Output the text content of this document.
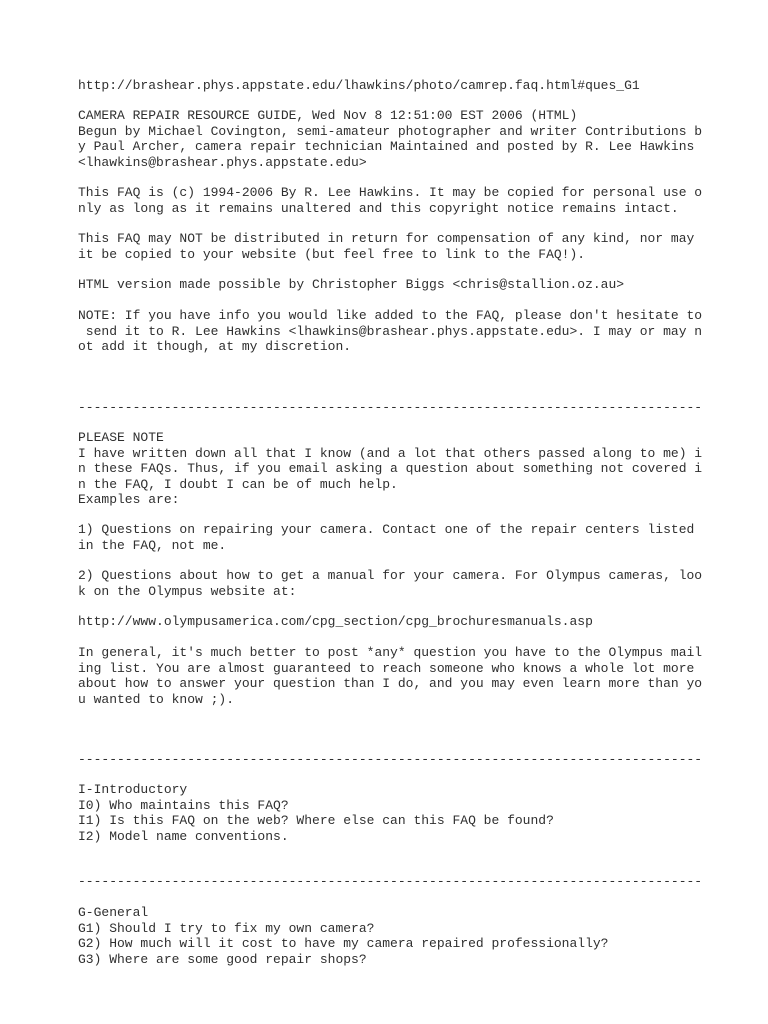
http://brashear.phys.appstate.edu/lhawkins/photo/camrep.faq.html#ques_G1
CAMERA REPAIR RESOURCE GUIDE, Wed Nov 8 12:51:00 EST 2006 (HTML)
Begun by Michael Covington, semi-amateur photographer and writer Contributions b
y Paul Archer, camera repair technician Maintained and posted by R. Lee Hawkins
<lhawkins@brashear.phys.appstate.edu>
This FAQ is (c) 1994-2006 By R. Lee Hawkins. It may be copied for personal use o
nly as long as it remains unaltered and this copyright notice remains intact.
This FAQ may NOT be distributed in return for compensation of any kind, nor may
it be copied to your website (but feel free to link to the FAQ!).
HTML version made possible by Christopher Biggs <chris@stallion.oz.au>
NOTE: If you have info you would like added to the FAQ, please don't hesitate to
send it to R. Lee Hawkins <lhawkins@brashear.phys.appstate.edu>. I may or may n
ot add it though, at my discretion.
--------------------------------------------------------------------------------
PLEASE NOTE
I have written down all that I know (and a lot that others passed along to me) i
n these FAQs. Thus, if you email asking a question about something not covered i
n the FAQ, I doubt I can be of much help.
Examples are:
1) Questions on repairing your camera. Contact one of the repair centers listed
in the FAQ, not me.
2) Questions about how to get a manual for your camera. For Olympus cameras, loo
k on the Olympus website at:
http://www.olympusamerica.com/cpg_section/cpg_brochuresmanuals.asp
In general, it's much better to post *any* question you have to the Olympus mail
ing list. You are almost guaranteed to reach someone who knows a whole lot more
about how to answer your question than I do, and you may even learn more than yo
u wanted to know ;).
--------------------------------------------------------------------------------
I-Introductory
I0) Who maintains this FAQ?
I1) Is this FAQ on the web? Where else can this FAQ be found?
I2) Model name conventions.
--------------------------------------------------------------------------------
G-General
G1) Should I try to fix my own camera?
G2) How much will it cost to have my camera repaired professionally?
G3) Where are some good repair shops?
